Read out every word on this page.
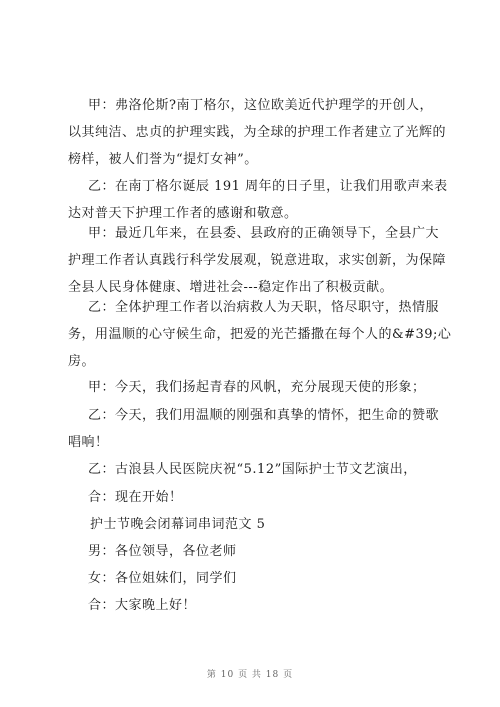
甲：弗洛伦斯?南丁格尔，这位欧美近代护理学的开创人，
以其纯洁、忠贞的护理实践，为全球的护理工作者建立了光辉的
榜样，被人们誉为“提灯女神”。
乙：在南丁格尔诞辰 191 周年的日子里，让我们用歌声来表
达对普天下护理工作者的感谢和敬意。
甲：最近几年来，在县委、县政府的正确领导下，全县广大
护理工作者认真践行科学发展观，锐意进取，求实创新，为保障
全县人民身体健康、增进社会---稳定作出了积极贡献。
乙：全体护理工作者以治病救人为天职，恪尽职守，热情服
务，用温顺的心守候生命，把爱的光芒播撒在每个人的&#39;心
房。
甲：今天，我们扬起青春的风帆，充分展现天使的形象；
乙：今天，我们用温顺的刚强和真挚的情怀，把生命的赞歌
唱响！
乙：古浪县人民医院庆祝“5.12”国际护士节文艺演出，
合：现在开始！
护士节晚会闭幕词串词范文 5
男：各位领导，各位老师
女：各位姐妹们，同学们
合：大家晚上好！
第 10 页 共 18 页
